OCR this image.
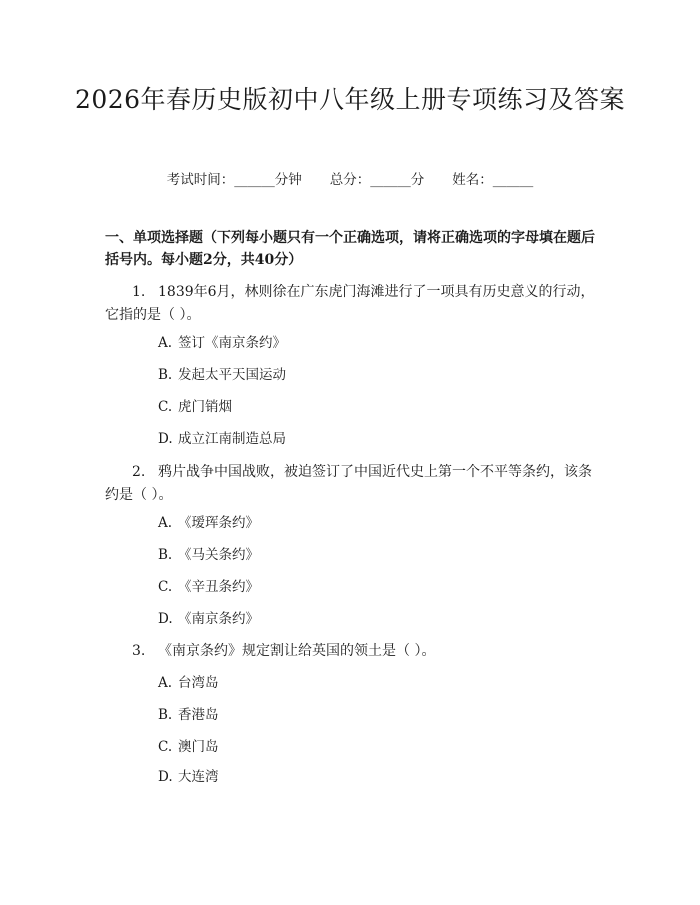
2026年春历史版初中八年级上册专项练习及答案
考试时间：______分钟 总分：______分 姓名：______
一、单项选择题（下列每小题只有一个正确选项，请将正确选项的字母填在题后括号内。每小题2分，共40分）
1. 1839年6月，林则徐在广东虎门海滩进行了一项具有历史意义的行动，它指的是（ ）。
A. 签订《南京条约》
B. 发起太平天国运动
C. 虎门销烟
D. 成立江南制造总局
2. 鸦片战争中国战败，被迫签订了中国近代史上第一个不平等条约，该条约是（ ）。
A. 《瑷珲条约》
B. 《马关条约》
C. 《辛丑条约》
D. 《南京条约》
3. 《南京条约》规定割让给英国的领土是（ ）。
A. 台湾岛
B. 香港岛
C. 澳门岛
D. 大连湾
